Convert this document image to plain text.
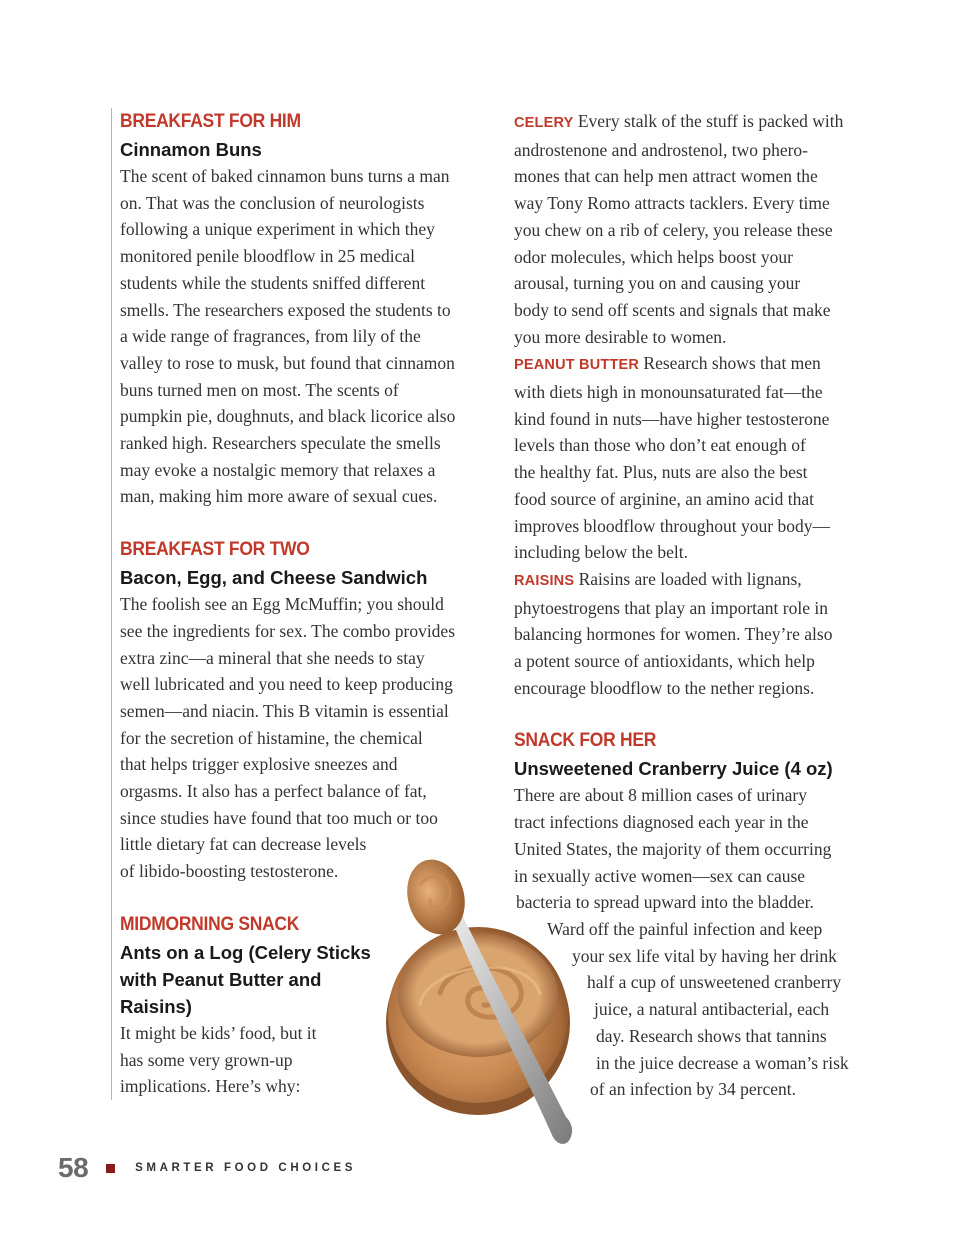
BREAKFAST FOR HIM
Cinnamon Buns
The scent of baked cinnamon buns turns a man
on. That was the conclusion of neurologists
following a unique experiment in which they
monitored penile bloodflow in 25 medical
students while the students sniffed different
smells. The researchers exposed the students to
a wide range of fragrances, from lily of the
valley to rose to musk, but found that cinnamon
buns turned men on most. The scents of
pumpkin pie, doughnuts, and black licorice also
ranked high. Researchers speculate the smells
may evoke a nostalgic memory that relaxes a
man, making him more aware of sexual cues.
BREAKFAST FOR TWO
Bacon, Egg, and Cheese Sandwich
The foolish see an Egg McMuffin; you should
see the ingredients for sex. The combo provides
extra zinc—a mineral that she needs to stay
well lubricated and you need to keep producing
semen—and niacin. This B vitamin is essential
for the secretion of histamine, the chemical
that helps trigger explosive sneezes and
orgasms. It also has a perfect balance of fat,
since studies have found that too much or too
little dietary fat can decrease levels
of libido-boosting testosterone.
MIDMORNING SNACK
Ants on a Log (Celery Sticks
with Peanut Butter and
Raisins)
It might be kids’ food, but it
has some very grown-up
implications. Here’s why:
CELERY Every stalk of the stuff is packed with
androstenone and androstenol, two phero-
mones that can help men attract women the
way Tony Romo attracts tacklers. Every time
you chew on a rib of celery, you release these
odor molecules, which helps boost your
arousal, turning you on and causing your
body to send off scents and signals that make
you more desirable to women.
PEANUT BUTTER Research shows that men
with diets high in monounsaturated fat—the
kind found in nuts—have higher testosterone
levels than those who don’t eat enough of
the healthy fat. Plus, nuts are also the best
food source of arginine, an amino acid that
improves bloodflow throughout your body—
including below the belt.
RAISINS Raisins are loaded with lignans,
phytoestrogens that play an important role in
balancing hormones for women. They’re also
a potent source of antioxidants, which help
encourage bloodflow to the nether regions.
SNACK FOR HER
Unsweetened Cranberry Juice (4 oz)
There are about 8 million cases of urinary
tract infections diagnosed each year in the
United States, the majority of them occurring
in sexually active women—sex can cause
bacteria to spread upward into the bladder.
Ward off the painful infection and keep
your sex life vital by having her drink
half a cup of unsweetened cranberry
juice, a natural antibacterial, each
day. Research shows that tannins
in the juice decrease a woman’s risk
of an infection by 34 percent.
58	SMARTER FOOD CHOICES
